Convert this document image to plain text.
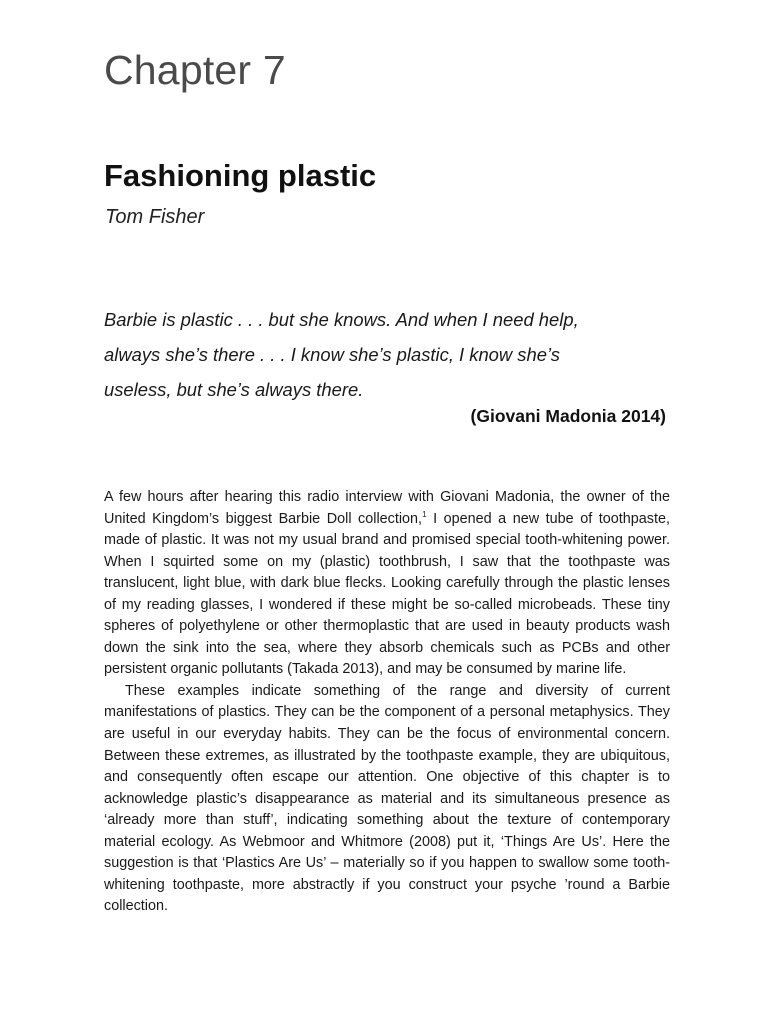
Chapter 7
Fashioning plastic
Tom Fisher
Barbie is plastic . . . but she knows. And when I need help,
always she’s there . . . I know she’s plastic, I know she’s
useless, but she’s always there.
(Giovani Madonia 2014)

A few hours after hearing this radio interview with Giovani Madonia, the owner of the United Kingdom’s biggest Barbie Doll collection,$^1$ I opened a new tube of toothpaste, made of plastic. It was not my usual brand and promised special tooth-whitening power. When I squirted some on my (plastic) toothbrush, I saw that the toothpaste was translucent, light blue, with dark blue flecks. Looking carefully through the plastic lenses of my reading glasses, I wondered if these might be so-called microbeads. These tiny spheres of polyethylene or other thermoplastic that are used in beauty products wash down the sink into the sea, where they absorb chemicals such as PCBs and other persistent organic pollutants (Takada 2013), and may be consumed by marine life.

These examples indicate something of the range and diversity of current manifestations of plastics. They can be the component of a personal metaphysics. They are useful in our everyday habits. They can be the focus of environmental concern. Between these extremes, as illustrated by the toothpaste example, they are ubiquitous, and consequently often escape our attention. One objective of this chapter is to acknowledge plastic’s disappearance as material and its simultaneous presence as ‘already more than stuff’, indicating something about the texture of contemporary material ecology. As Webmoor and Whitmore (2008) put it, ‘Things Are Us’. Here the suggestion is that ‘Plastics Are Us’ – materially so if you happen to swallow some tooth-whitening toothpaste, more abstractly if you construct your psyche ’round a Barbie collection.
